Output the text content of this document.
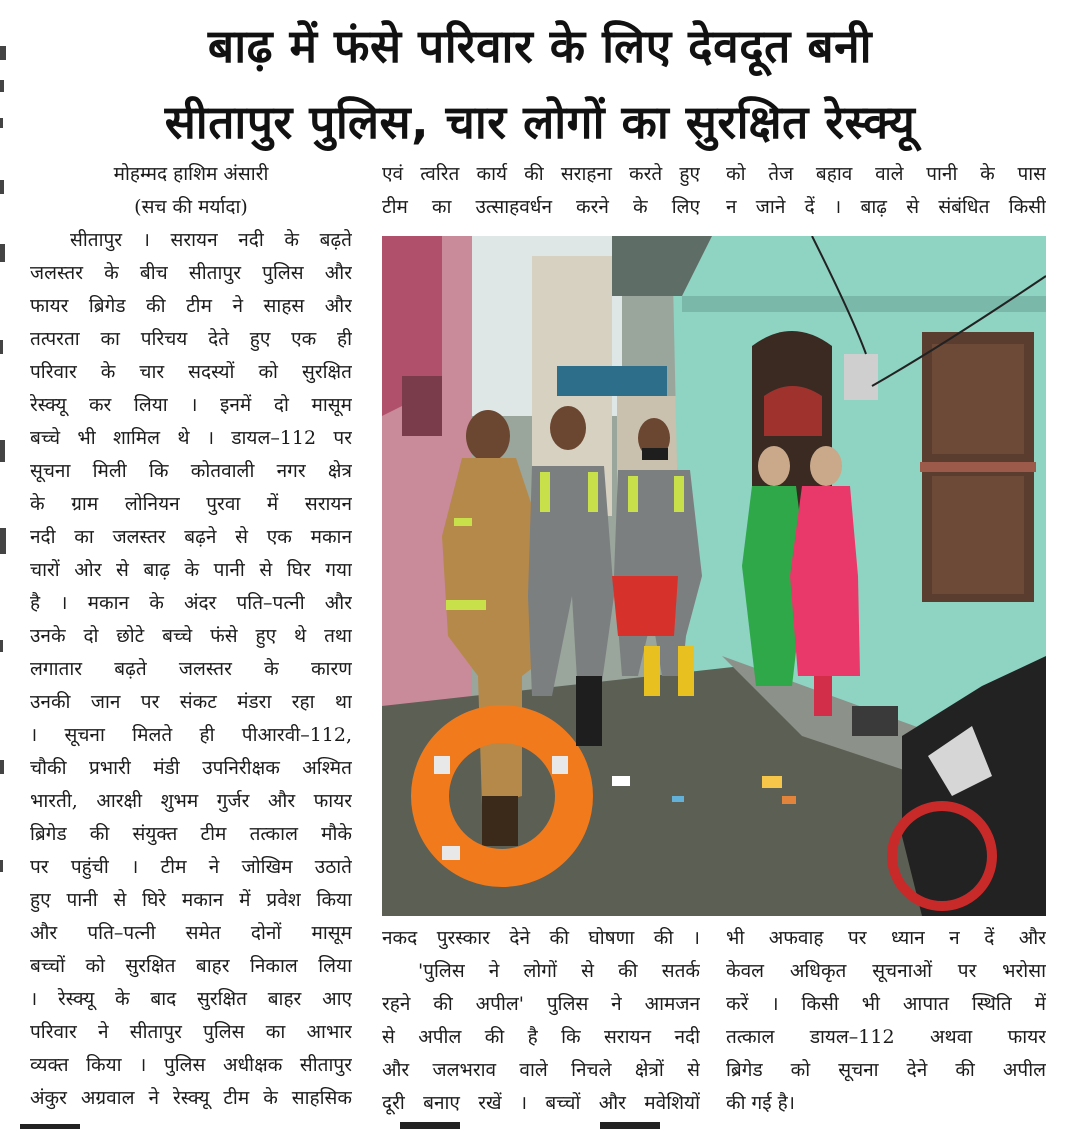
बाढ़ में फंसे परिवार के लिए देवदूत बनी
सीतापुर पुलिस, चार लोगों का सुरक्षित रेस्क्यू
मोहम्मद हाशिम अंसारी
(सच की मर्यादा)
सीतापुर । सरायन नदी के बढ़ते
जलस्तर के बीच सीतापुर पुलिस और
फायर ब्रिगेड की टीम ने साहस और
तत्परता का परिचय देते हुए एक ही
परिवार के चार सदस्यों को सुरक्षित
रेस्क्यू कर लिया । इनमें दो मासूम
बच्चे भी शामिल थे । डायल–112 पर
सूचना मिली कि कोतवाली नगर क्षेत्र
के ग्राम लोनियन पुरवा में सरायन
नदी का जलस्तर बढ़ने से एक मकान
चारों ओर से बाढ़ के पानी से घिर गया
है । मकान के अंदर पति–पत्नी और
उनके दो छोटे बच्चे फंसे हुए थे तथा
लगातार बढ़ते जलस्तर के कारण
उनकी जान पर संकट मंडरा रहा था
। सूचना मिलते ही पीआरवी–112,
चौकी प्रभारी मंडी उपनिरीक्षक अश्मित
भारती, आरक्षी शुभम गुर्जर और फायर
ब्रिगेड की संयुक्त टीम तत्काल मौके
पर पहुंची । टीम ने जोखिम उठाते
हुए पानी से घिरे मकान में प्रवेश किया
और पति–पत्नी समेत दोनों मासूम
बच्चों को सुरक्षित बाहर निकाल लिया
। रेस्क्यू के बाद सुरक्षित बाहर आए
परिवार ने सीतापुर पुलिस का आभार
व्यक्त किया । पुलिस अधीक्षक सीतापुर
अंकुर अग्रवाल ने रेस्क्यू टीम के साहसिक
एवं त्वरित कार्य की सराहना करते हुए
टीम का उत्साहवर्धन करने के लिए
को तेज बहाव वाले पानी के पास
न जाने दें । बाढ़ से संबंधित किसी
नकद पुरस्कार देने की घोषणा की ।
'पुलिस ने लोगों से की सतर्क
रहने की अपील' पुलिस ने आमजन
से अपील की है कि सरायन नदी
और जलभराव वाले निचले क्षेत्रों से
दूरी बनाए रखें । बच्चों और मवेशियों
भी अफवाह पर ध्यान न दें और
केवल अधिकृत सूचनाओं पर भरोसा
करें । किसी भी आपात स्थिति में
तत्काल डायल–112 अथवा फायर
ब्रिगेड को सूचना देने की अपील
की गई है।
